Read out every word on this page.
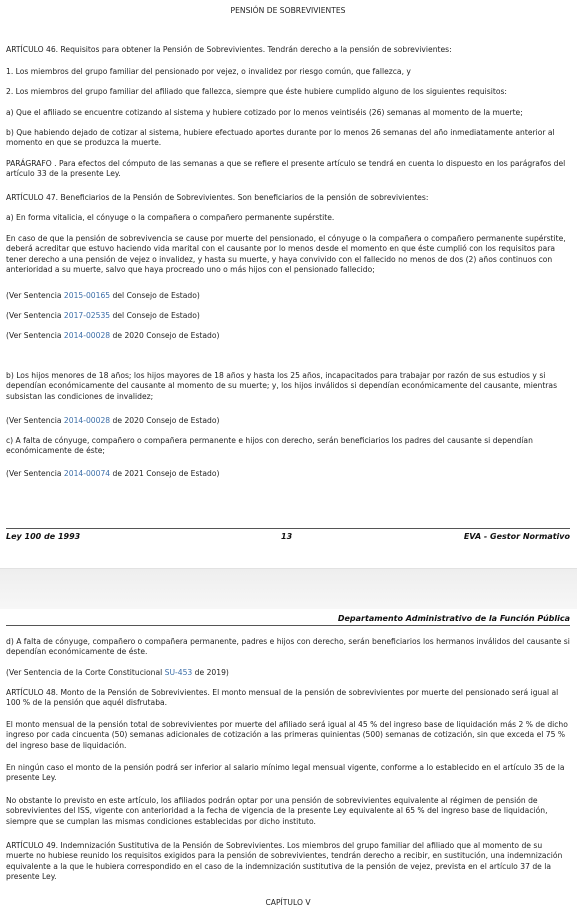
PENSIÓN DE SOBREVIVIENTES

ARTÍCULO 46. Requisitos para obtener la Pensión de Sobrevivientes. Tendrán derecho a la pensión de sobrevivientes:

1. Los miembros del grupo familiar del pensionado por vejez, o invalidez por riesgo común, que fallezca, y

2. Los miembros del grupo familiar del afiliado que fallezca, siempre que éste hubiere cumplido alguno de los siguientes requisitos:

a) Que el afiliado se encuentre cotizando al sistema y hubiere cotizado por lo menos veintiséis (26) semanas al momento de la muerte;

b) Que habiendo dejado de cotizar al sistema, hubiere efectuado aportes durante por lo menos 26 semanas del año inmediatamente anterior al momento en que se produzca la muerte.

PARÁGRAFO . Para efectos del cómputo de las semanas a que se refiere el presente artículo se tendrá en cuenta lo dispuesto en los parágrafos del artículo 33 de la presente Ley.

ARTÍCULO 47. Beneficiarios de la Pensión de Sobrevivientes. Son beneficiarios de la pensión de sobrevivientes:

a) En forma vitalicia, el cónyuge o la compañera o compañero permanente supérstite.

En caso de que la pensión de sobrevivencia se cause por muerte del pensionado, el cónyuge o la compañera o compañero permanente supérstite, deberá acreditar que estuvo haciendo vida marital con el causante por lo menos desde el momento en que éste cumplió con los requisitos para tener derecho a una pensión de vejez o invalidez, y hasta su muerte, y haya convivido con el fallecido no menos de dos (2) años continuos con anterioridad a su muerte, salvo que haya procreado uno o más hijos con el pensionado fallecido;

(Ver Sentencia 2015-00165 del Consejo de Estado)

(Ver Sentencia 2017-02535 del Consejo de Estado)

(Ver Sentencia 2014-00028 de 2020 Consejo de Estado)

b) Los hijos menores de 18 años; los hijos mayores de 18 años y hasta los 25 años, incapacitados para trabajar por razón de sus estudios y si dependían económicamente del causante al momento de su muerte; y, los hijos inválidos si dependían económicamente del causante, mientras subsistan las condiciones de invalidez;

(Ver Sentencia 2014-00028 de 2020 Consejo de Estado)

c) A falta de cónyuge, compañero o compañera permanente e hijos con derecho, serán beneficiarios los padres del causante si dependían económicamente de éste;

(Ver Sentencia 2014-00074 de 2021 Consejo de Estado)

Ley 100 de 1993	13	EVA - Gestor Normativo
Departamento Administrativo de la Función Pública

d) A falta de cónyuge, compañero o compañera permanente, padres e hijos con derecho, serán beneficiarios los hermanos inválidos del causante si dependían económicamente de éste.

(Ver Sentencia de la Corte Constitucional SU-453 de 2019)

ARTÍCULO 48. Monto de la Pensión de Sobrevivientes. El monto mensual de la pensión de sobrevivientes por muerte del pensionado será igual al 100 % de la pensión que aquél disfrutaba.

El monto mensual de la pensión total de sobrevivientes por muerte del afiliado será igual al 45 % del ingreso base de liquidación más 2 % de dicho ingreso por cada cincuenta (50) semanas adicionales de cotización a las primeras quinientas (500) semanas de cotización, sin que exceda el 75 % del ingreso base de liquidación.

En ningún caso el monto de la pensión podrá ser inferior al salario mínimo legal mensual vigente, conforme a lo establecido en el artículo 35 de la presente Ley.

No obstante lo previsto en este artículo, los afiliados podrán optar por una pensión de sobrevivientes equivalente al régimen de pensión de sobrevivientes del ISS, vigente con anterioridad a la fecha de vigencia de la presente Ley equivalente al 65 % del ingreso base de liquidación, siempre que se cumplan las mismas condiciones establecidas por dicho instituto.

ARTÍCULO 49. Indemnización Sustitutiva de la Pensión de Sobrevivientes. Los miembros del grupo familiar del afiliado que al momento de su muerte no hubiese reunido los requisitos exigidos para la pensión de sobrevivientes, tendrán derecho a recibir, en sustitución, una indemnización equivalente a la que le hubiera correspondido en el caso de la indemnización sustitutiva de la pensión de vejez, prevista en el artículo 37 de la presente Ley.

CAPÍTULO V
